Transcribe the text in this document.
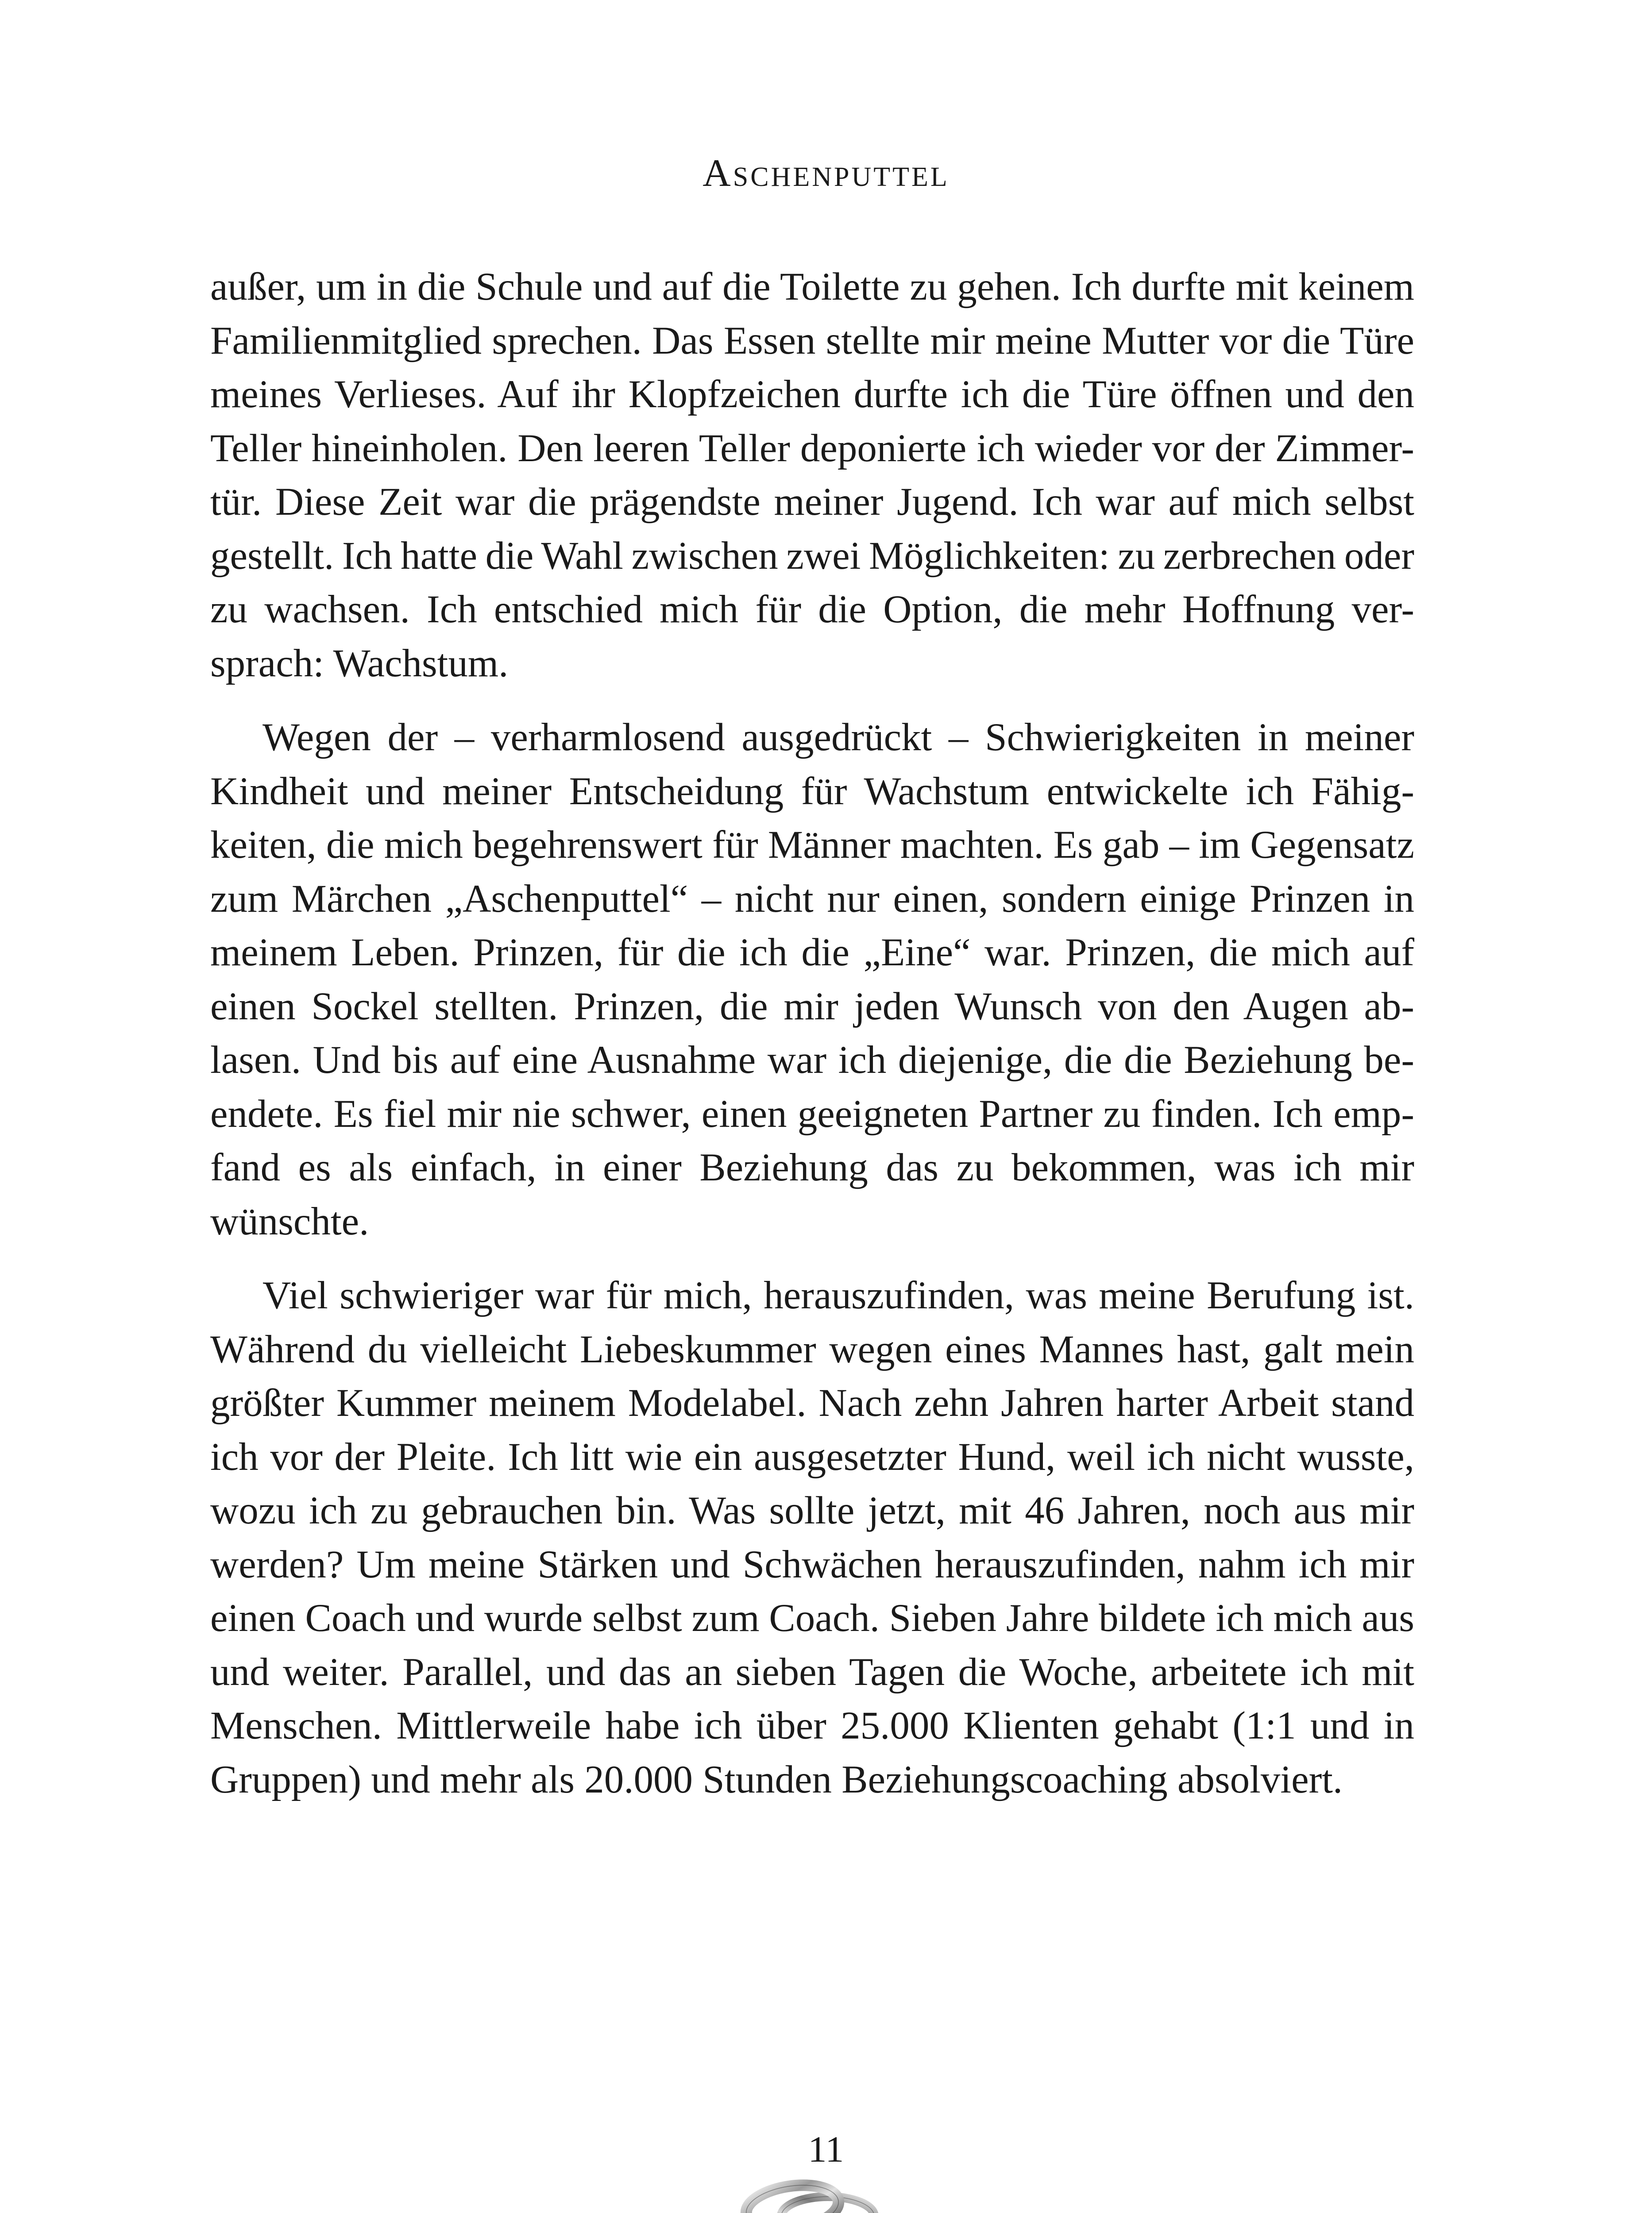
Aschenputtel
außer, um in die Schule und auf die Toilette zu gehen. Ich durfte mit keinem
Familienmitglied sprechen. Das Essen stellte mir meine Mutter vor die Türe
meines Verlieses. Auf ihr Klopfzeichen durfte ich die Türe öffnen und den
Teller hineinholen. Den leeren Teller deponierte ich wieder vor der Zimmer-
tür. Diese Zeit war die prägendste meiner Jugend. Ich war auf mich selbst
gestellt. Ich hatte die Wahl zwischen zwei Möglichkeiten: zu zerbrechen oder
zu wachsen. Ich entschied mich für die Option, die mehr Hoffnung ver-
sprach: Wachstum.
Wegen der – verharmlosend ausgedrückt – Schwierigkeiten in meiner
Kindheit und meiner Entscheidung für Wachstum entwickelte ich Fähig-
keiten, die mich begehrenswert für Männer machten. Es gab – im Gegensatz
zum Märchen „Aschenputtel“ – nicht nur einen, sondern einige Prinzen in
meinem Leben. Prinzen, für die ich die „Eine“ war. Prinzen, die mich auf
einen Sockel stellten. Prinzen, die mir jeden Wunsch von den Augen ab-
lasen. Und bis auf eine Ausnahme war ich diejenige, die die Beziehung be-
endete. Es fiel mir nie schwer, einen geeigneten Partner zu finden. Ich emp-
fand es als einfach, in einer Beziehung das zu bekommen, was ich mir
wünschte.
Viel schwieriger war für mich, herauszufinden, was meine Berufung ist.
Während du vielleicht Liebeskummer wegen eines Mannes hast, galt mein
größter Kummer meinem Modelabel. Nach zehn Jahren harter Arbeit stand
ich vor der Pleite. Ich litt wie ein ausgesetzter Hund, weil ich nicht wusste,
wozu ich zu gebrauchen bin. Was sollte jetzt, mit 46 Jahren, noch aus mir
werden? Um meine Stärken und Schwächen herauszufinden, nahm ich mir
einen Coach und wurde selbst zum Coach. Sieben Jahre bildete ich mich aus
und weiter. Parallel, und das an sieben Tagen die Woche, arbeitete ich mit
Menschen. Mittlerweile habe ich über 25.000 Klienten gehabt (1:1 und in
Gruppen) und mehr als 20.000 Stunden Beziehungscoaching absolviert.
11
